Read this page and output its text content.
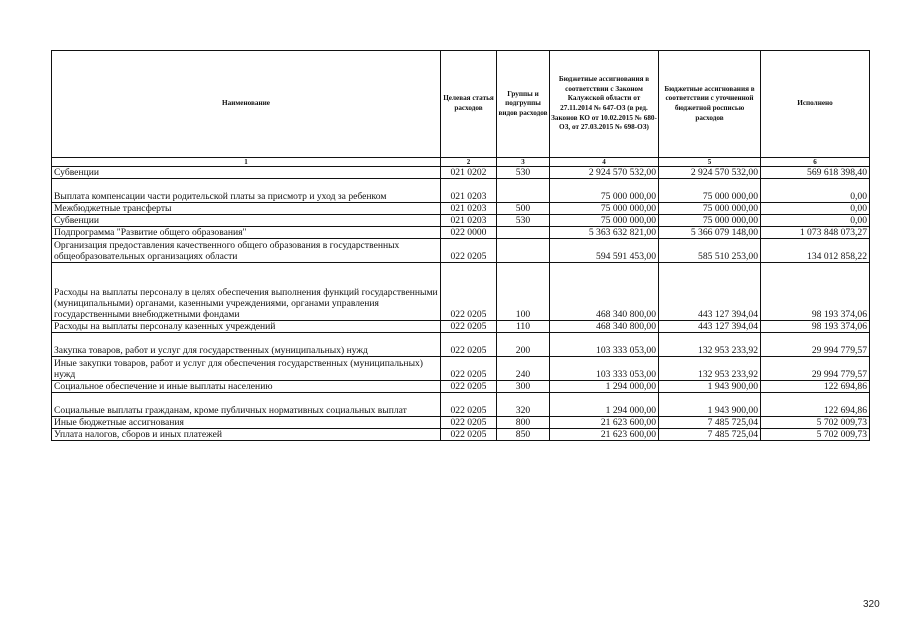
Наименование	Целевая статья расходов	Группы и подгруппы видов расходов	Бюджетные ассигнования в соответствии с Законом Калужской области от 27.11.2014 № 647-ОЗ (в ред. Законов КО от 10.02.2015 № 680-ОЗ, от 27.03.2015 № 698-ОЗ)	Бюджетные ассигнования в соответствии с уточненной бюджетной росписью расходов	Исполнено
1	2	3	4	5	6
Субвенции	021 0202	530	2 924 570 532,00	2 924 570 532,00	569 618 398,40
Выплата компенсации части родительской платы за присмотр и уход за ребенком	021 0203		75 000 000,00	75 000 000,00	0,00
Межбюджетные трансферты	021 0203	500	75 000 000,00	75 000 000,00	0,00
Субвенции	021 0203	530	75 000 000,00	75 000 000,00	0,00
Подпрограмма "Развитие общего образования"	022 0000		5 363 632 821,00	5 366 079 148,00	1 073 848 073,27
Организация предоставления качественного общего образования в государственных общеобразовательных организациях области	022 0205		594 591 453,00	585 510 253,00	134 012 858,22
Расходы на выплаты персоналу в целях обеспечения выполнения функций государственными (муниципальными) органами, казенными учреждениями, органами управления государственными внебюджетными фондами	022 0205	100	468 340 800,00	443 127 394,04	98 193 374,06
Расходы на выплаты персоналу казенных учреждений	022 0205	110	468 340 800,00	443 127 394,04	98 193 374,06
Закупка товаров, работ и услуг для государственных (муниципальных) нужд	022 0205	200	103 333 053,00	132 953 233,92	29 994 779,57
Иные закупки товаров, работ и услуг для обеспечения государственных (муниципальных) нужд	022 0205	240	103 333 053,00	132 953 233,92	29 994 779,57
Социальное обеспечение и иные выплаты населению	022 0205	300	1 294 000,00	1 943 900,00	122 694,86
Социальные выплаты гражданам, кроме публичных нормативных социальных выплат	022 0205	320	1 294 000,00	1 943 900,00	122 694,86
Иные бюджетные ассигнования	022 0205	800	21 623 600,00	7 485 725,04	5 702 009,73
Уплата налогов, сборов и иных платежей	022 0205	850	21 623 600,00	7 485 725,04	5 702 009,73
320
